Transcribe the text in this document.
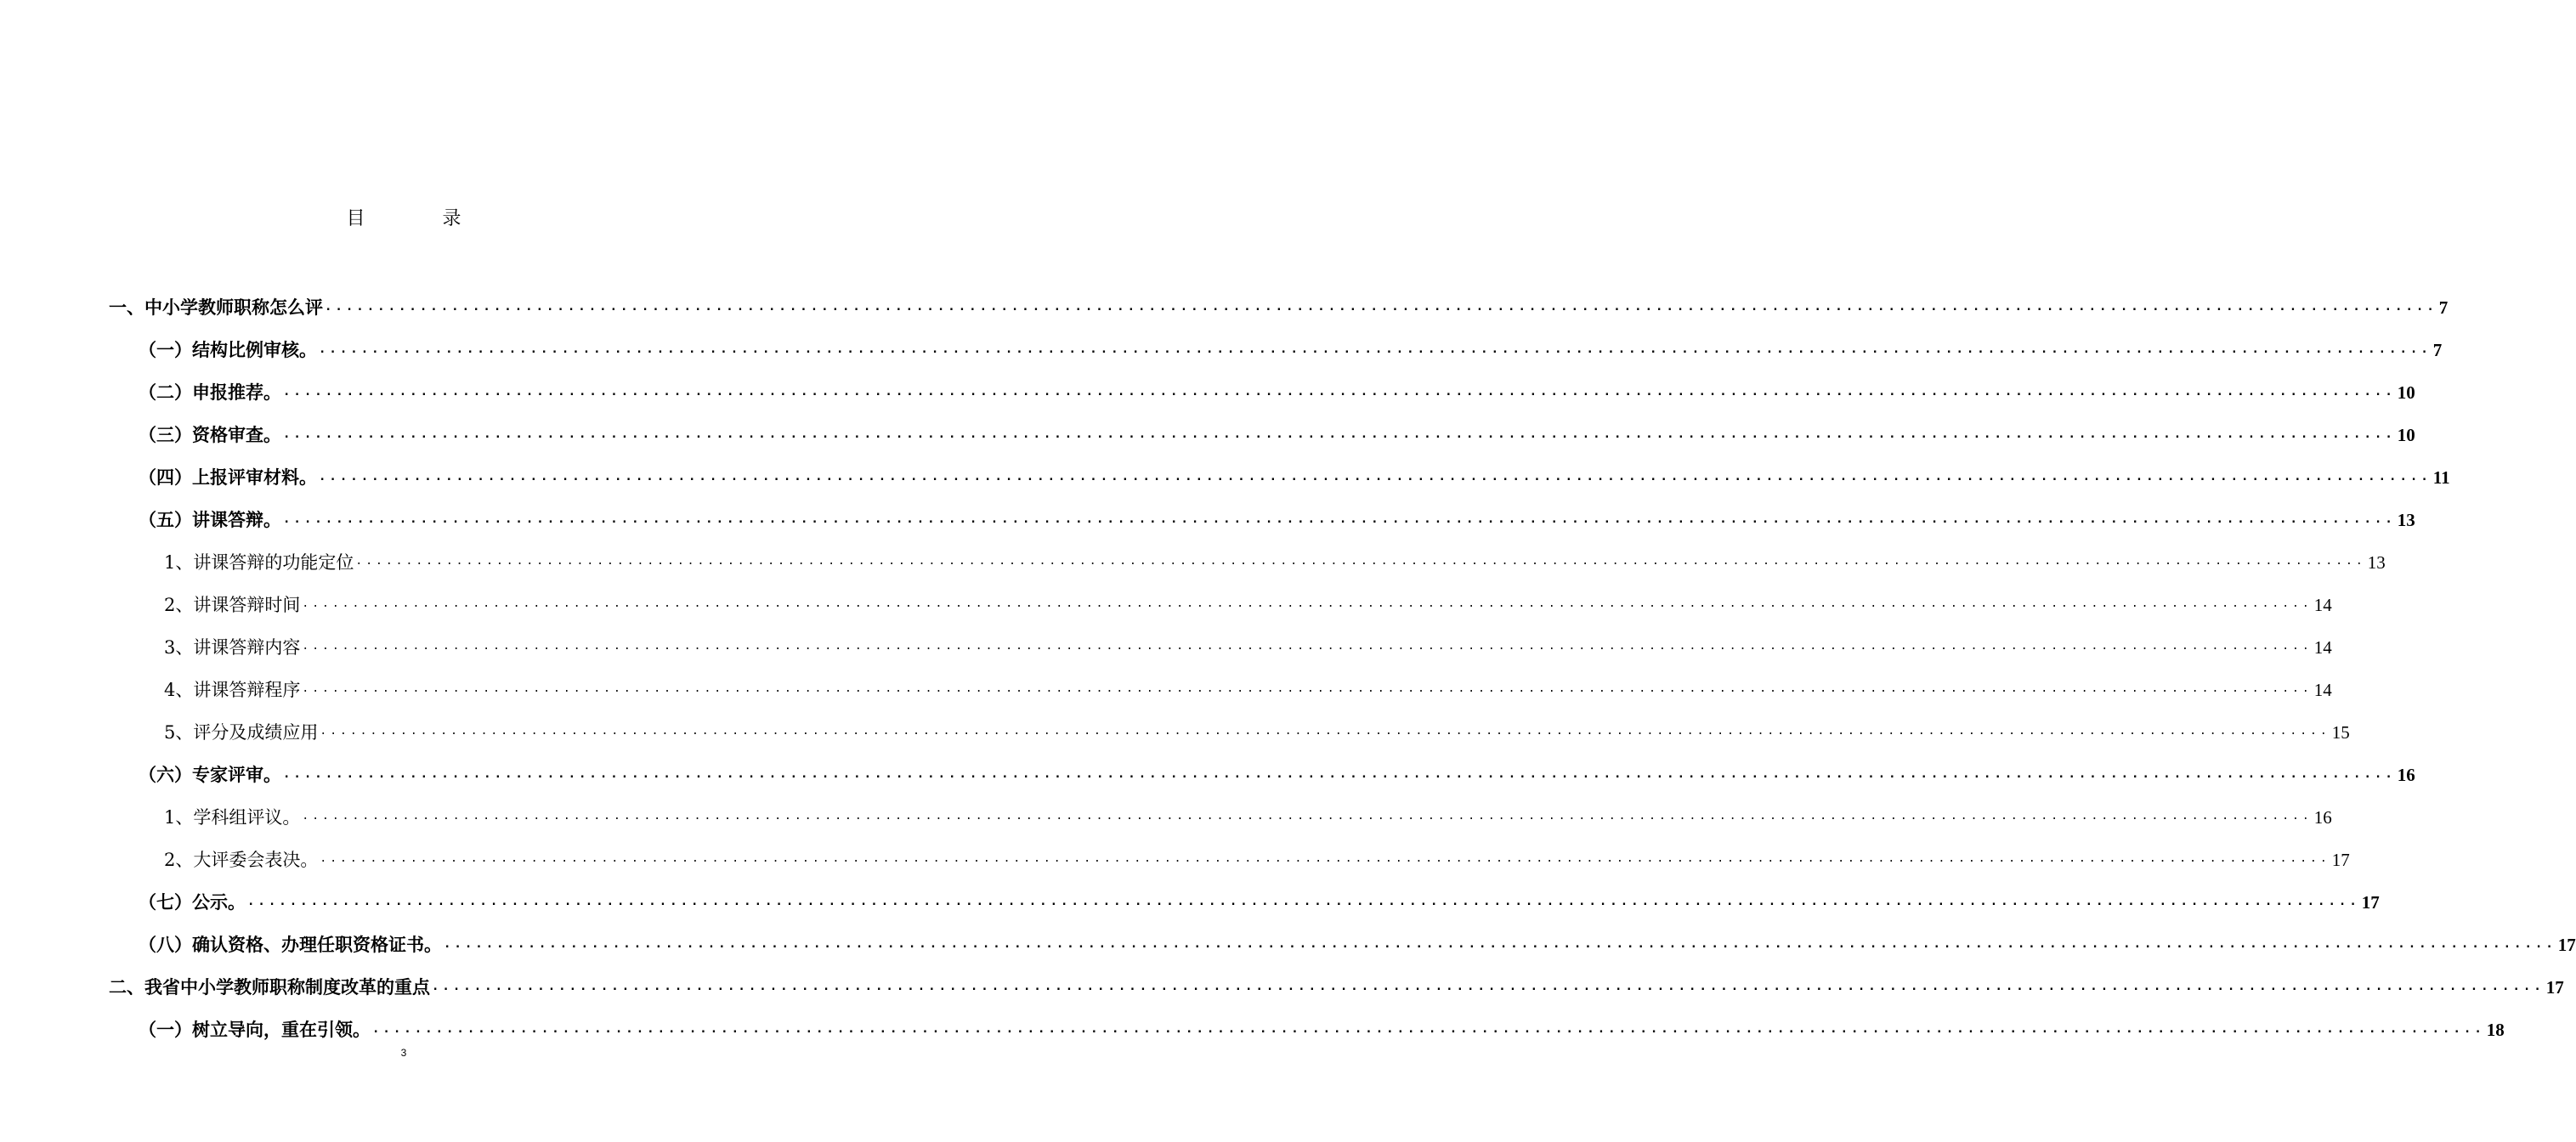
目 录
一、中小学教师职称怎么评 ........................................................................................................................................................................................................ 7
（一）结构比例审核。 ........................................................................................................................................................................................................ 7
（二）申报推荐。 ........................................................................................................................................................................................................ 10
（三）资格审查。 ........................................................................................................................................................................................................ 10
（四）上报评审材料。 ........................................................................................................................................................................................................ 11
（五）讲课答辩。 ........................................................................................................................................................................................................ 13
1、讲课答辩的功能定位 ........................................................................................................................................................................................................ 13
2、讲课答辩时间 ........................................................................................................................................................................................................ 14
3、讲课答辩内容 ........................................................................................................................................................................................................ 14
4、讲课答辩程序 ........................................................................................................................................................................................................ 14
5、评分及成绩应用 ........................................................................................................................................................................................................ 15
（六）专家评审。 ........................................................................................................................................................................................................ 16
1、学科组评议。 ........................................................................................................................................................................................................ 16
2、大评委会表决。 ........................................................................................................................................................................................................ 17
（七）公示。 ........................................................................................................................................................................................................ 17
（八）确认资格、办理任职资格证书。 ........................................................................................................................................................................................................ 17
二、我省中小学教师职称制度改革的重点 ........................................................................................................................................................................................................ 17
（一）树立导向，重在引领。 ........................................................................................................................................................................................................ 18
3
